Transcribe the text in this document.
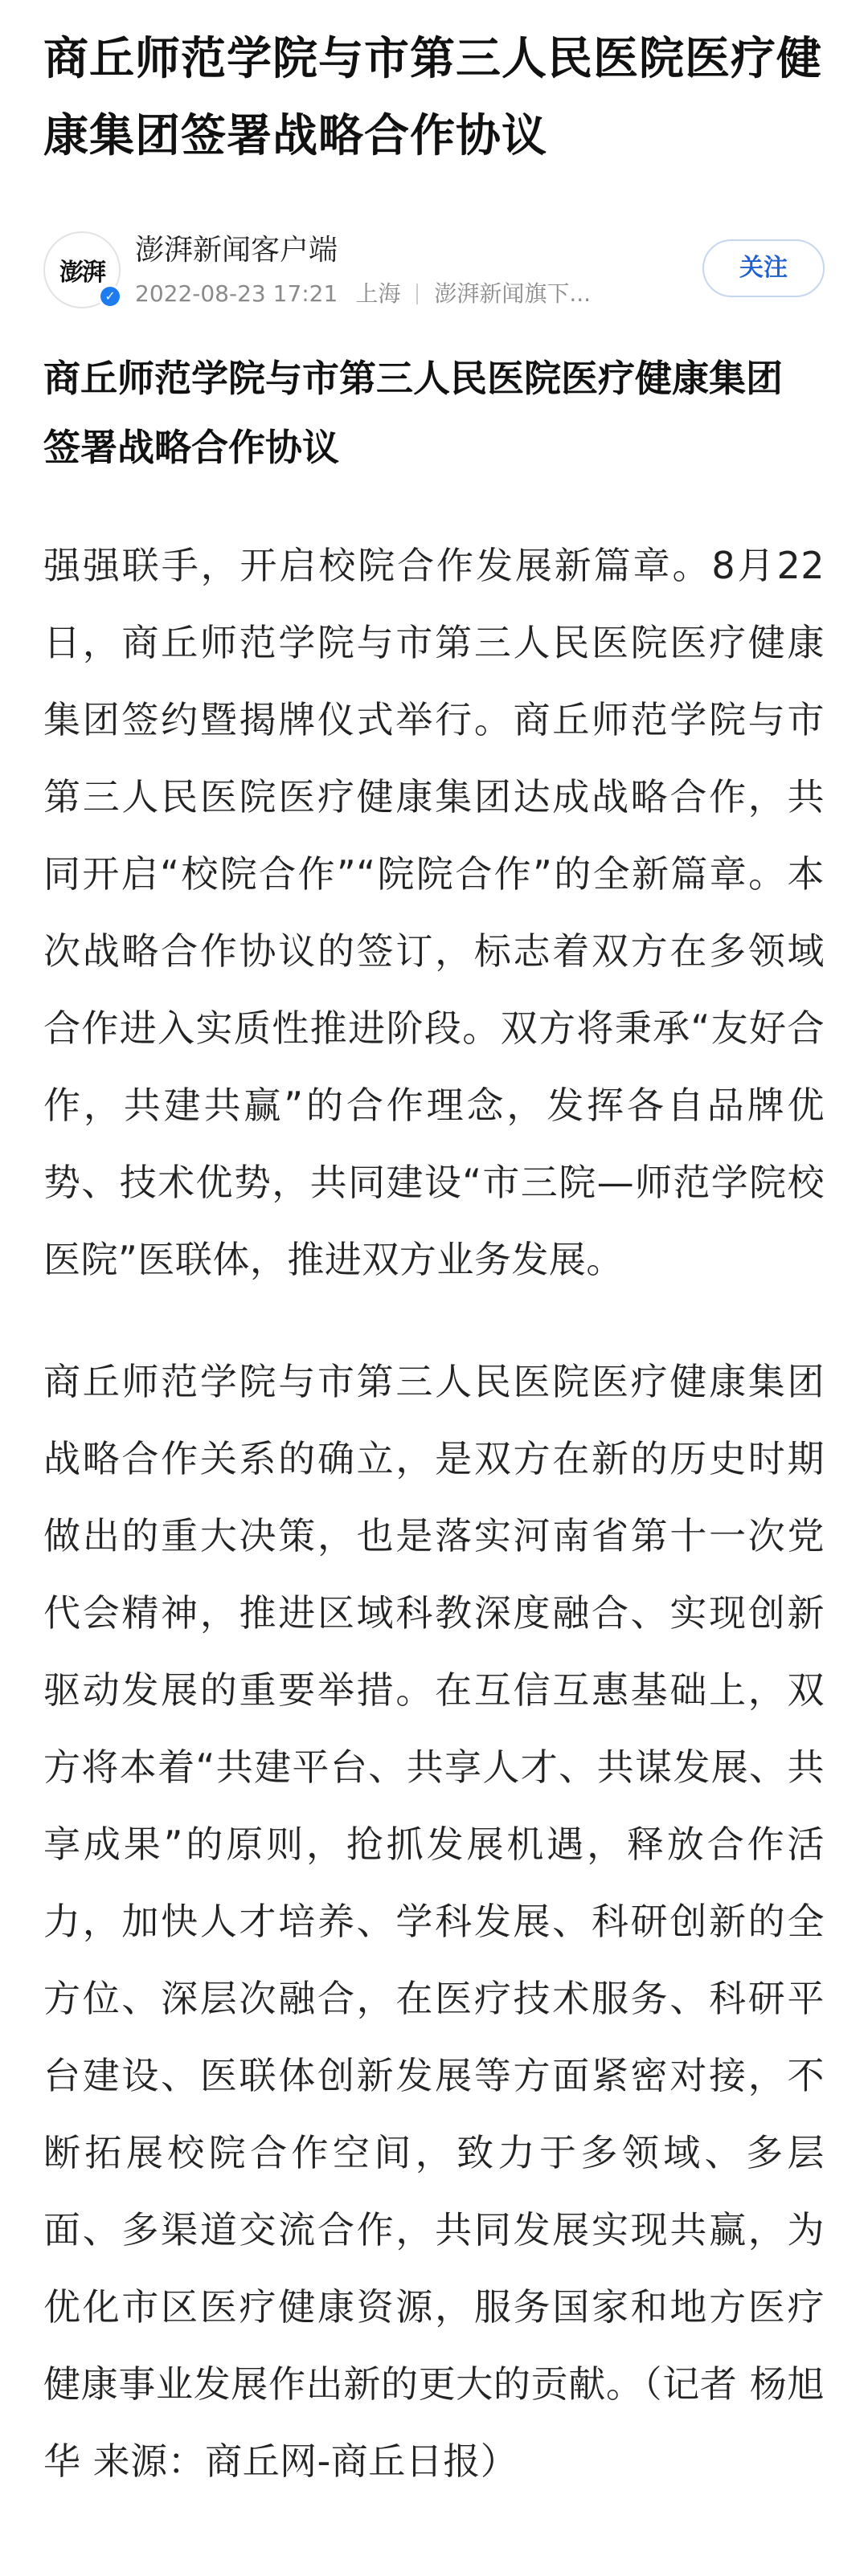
商丘师范学院与市第三人民医院医疗健康集团签署战略合作协议
澎湃
✓
澎湃新闻客户端
2022-08-23 17:21 上海 澎湃新闻旗下...
关注

商丘师范学院与市第三人民医院医疗健康集团 签署战略合作协议

强强联手，开启校院合作发展新篇章。8月22日，商丘师范学院与市第三人民医院医疗健康集团签约暨揭牌仪式举行。商丘师范学院与市第三人民医院医疗健康集团达成战略合作，共同开启“校院合作”“院院合作”的全新篇章。本次战略合作协议的签订，标志着双方在多领域合作进入实质性推进阶段。双方将秉承“友好合作，共建共赢”的合作理念，发挥各自品牌优势、技术优势，共同建设“市三院—师范学院校医院”医联体，推进双方业务发展。

商丘师范学院与市第三人民医院医疗健康集团战略合作关系的确立，是双方在新的历史时期做出的重大决策，也是落实河南省第十一次党代会精神，推进区域科教深度融合、实现创新驱动发展的重要举措。在互信互惠基础上，双方将本着“共建平台、共享人才、共谋发展、共享成果”的原则，抢抓发展机遇，释放合作活力，加快人才培养、学科发展、科研创新的全方位、深层次融合，在医疗技术服务、科研平台建设、医联体创新发展等方面紧密对接，不断拓展校院合作空间，致力于多领域、多层面、多渠道交流合作，共同发展实现共赢，为优化市区医疗健康资源，服务国家和地方医疗健康事业发展作出新的更大的贡献。（记者 杨旭华 来源：商丘网-商丘日报）
